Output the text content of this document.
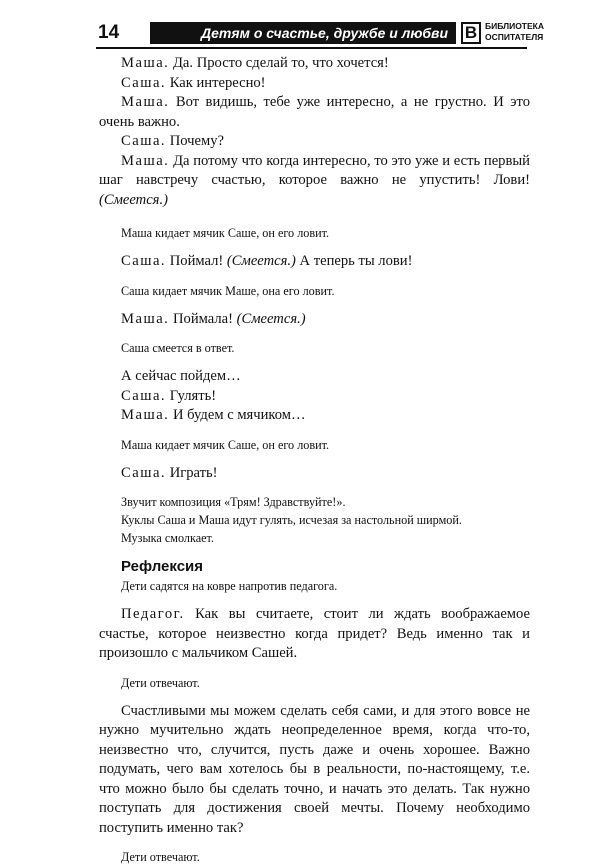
14	Детям о счастье, дружбе и любви В БИБЛИОТЕКА
ОСПИТАТЕЛЯ

Маша. Да. Просто сделай то, что хочется!

Саша. Как интересно!

Маша. Вот видишь, тебе уже интересно, а не грустно. И это очень важно.

Саша. Почему?

Маша. Да потому что когда интересно, то это уже и есть первый шаг навстречу счастью, которое важно не упустить! Лови! (Смеется.)

Маша кидает мячик Саше, он его ловит.

Саша. Поймал! (Смеется.) А теперь ты лови!

Саша кидает мячик Маше, она его ловит.

Маша. Поймала! (Смеется.)

Саша смеется в ответ.

А сейчас пойдем…

Саша. Гулять!

Маша. И будем с мячиком…

Маша кидает мячик Саше, он его ловит.

Саша. Играть!

Звучит композиция «Трям! Здравствуйте!».

Куклы Саша и Маша идут гулять, исчезая за настольной ширмой.

Музыка смолкает.

Рефлексия

Дети садятся на ковре напротив педагога.

Педагог. Как вы считаете, стоит ли ждать воображаемое счастье, которое неизвестно когда придет? Ведь именно так и произошло с мальчиком Сашей.

Дети отвечают.

Счастливыми мы можем сделать себя сами, и для этого вовсе не нужно мучительно ждать неопределенное время, когда что-то, неизвестно что, случится, пусть даже и очень хорошее. Важно подумать, чего вам хотелось бы в реальности, по-настоящему, т.е. что можно было бы сделать точно, и начать это делать. Так нужно поступать для достижения своей мечты. Почему необходимо поступить именно так?

Дети отвечают.
